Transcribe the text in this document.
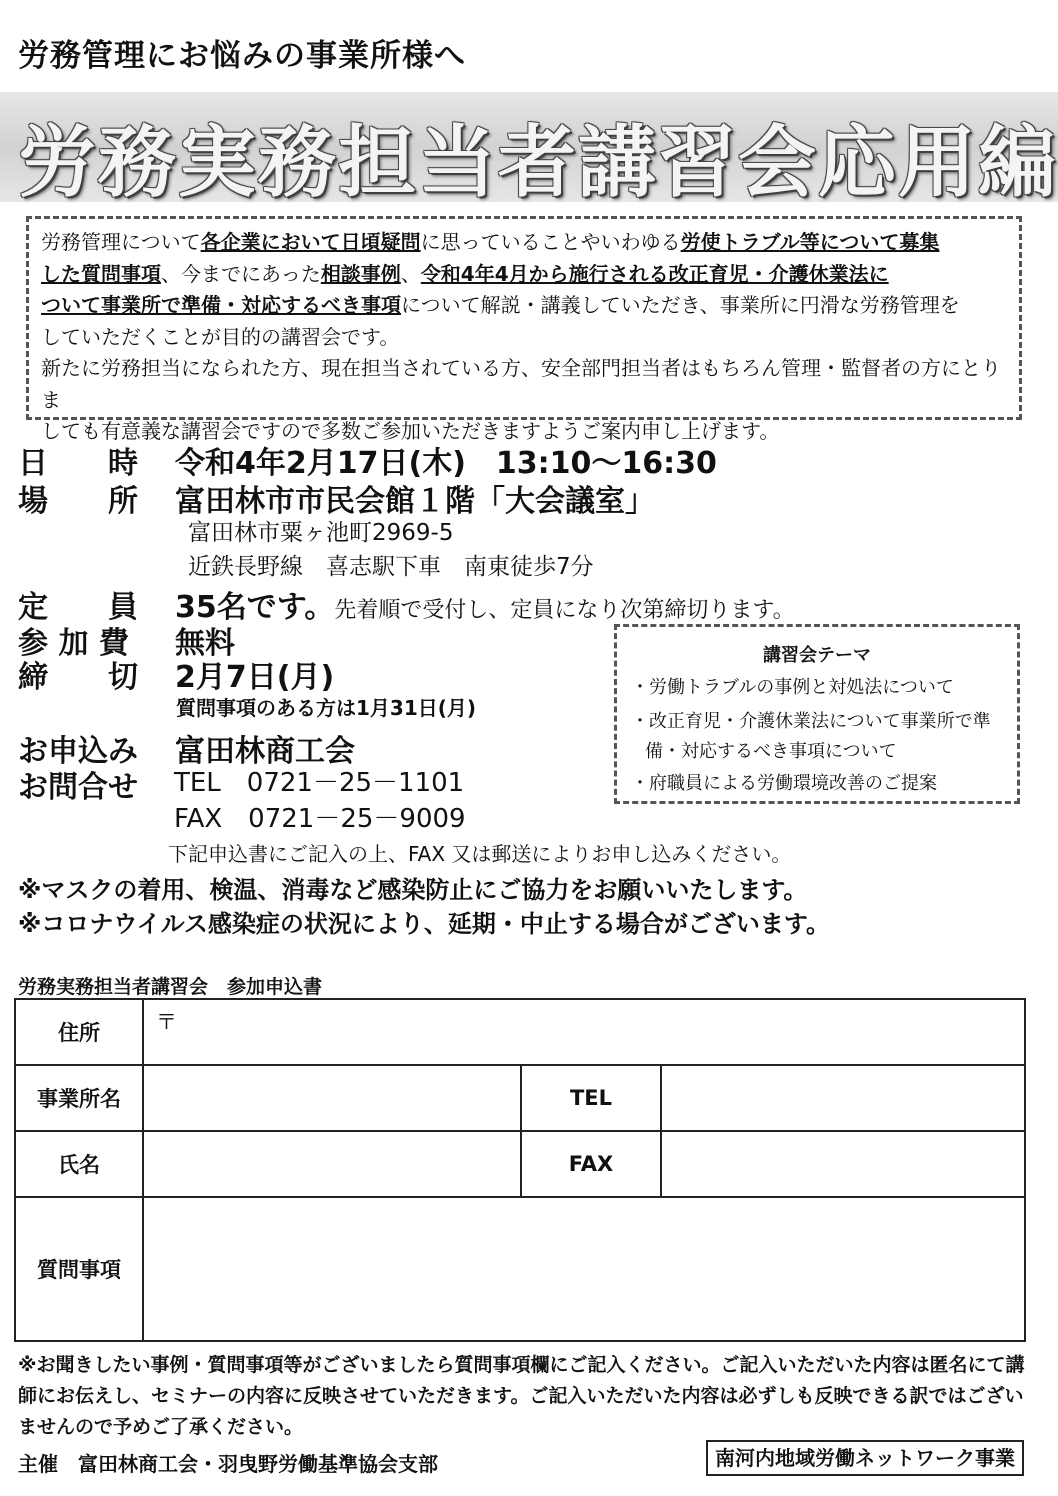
労務管理にお悩みの事業所様へ
労務実務担当者講習会応用編

労務管理について各企業において日頃疑問に思っていることやいわゆる労使トラブル等について募集

した質問事項、今までにあった相談事例、令和4年4月から施行される改正育児・介護休業法に

ついて事業所で準備・対応するべき事項について解説・講義していただき、事業所に円滑な労務管理を

していただくことが目的の講習会です。

新たに労務担当になられた方、現在担当されている方、安全部門担当者はもちろん管理・監督者の方にとりま

しても有意義な講習会ですので多数ご参加いただきますようご案内申し上げます。

日　　時 令和4年2月17日(木)　13:10～16:30
場　　所 富田林市市民会館１階「大会議室」
富田林市粟ヶ池町2969-5
近鉄長野線　喜志駅下車　南東徒歩7分
定　　員 35名です。先着順で受付し、定員になり次第締切ります。
参 加 費 無料
締　　切 2月7日(月)
質問事項のある方は1月31日(月)
お申込み 富田林商工会
お問合せ TEL　0721－25－1101
FAX　0721－25－9009
下記申込書にご記入の上、FAX 又は郵送によりお申し込みください。
講習会テーマ
・労働トラブルの事例と対処法について
・改正育児・介護休業法について事業所で準
備・対応するべき事項について
・府職員による労働環境改善のご提案
※マスクの着用、検温、消毒など感染防止にご協力をお願いいたします。
※コロナウイルス感染症の状況により、延期・中止する場合がございます。
労務実務担当者講習会　参加申込書
住所	〒		
事業所名		TEL	
氏名		FAX	
質問事項			
※お聞きしたい事例・質問事項等がございましたら質問事項欄にご記入ください。ご記入いただいた内容は匿名にて講師にお伝えし、セミナーの内容に反映させていただきます。ご記入いただいた内容は必ずしも反映できる訳ではございませんので予めご了承ください。
主催　富田林商工会・羽曳野労働基準協会支部	南河内地域労働ネットワーク事業
